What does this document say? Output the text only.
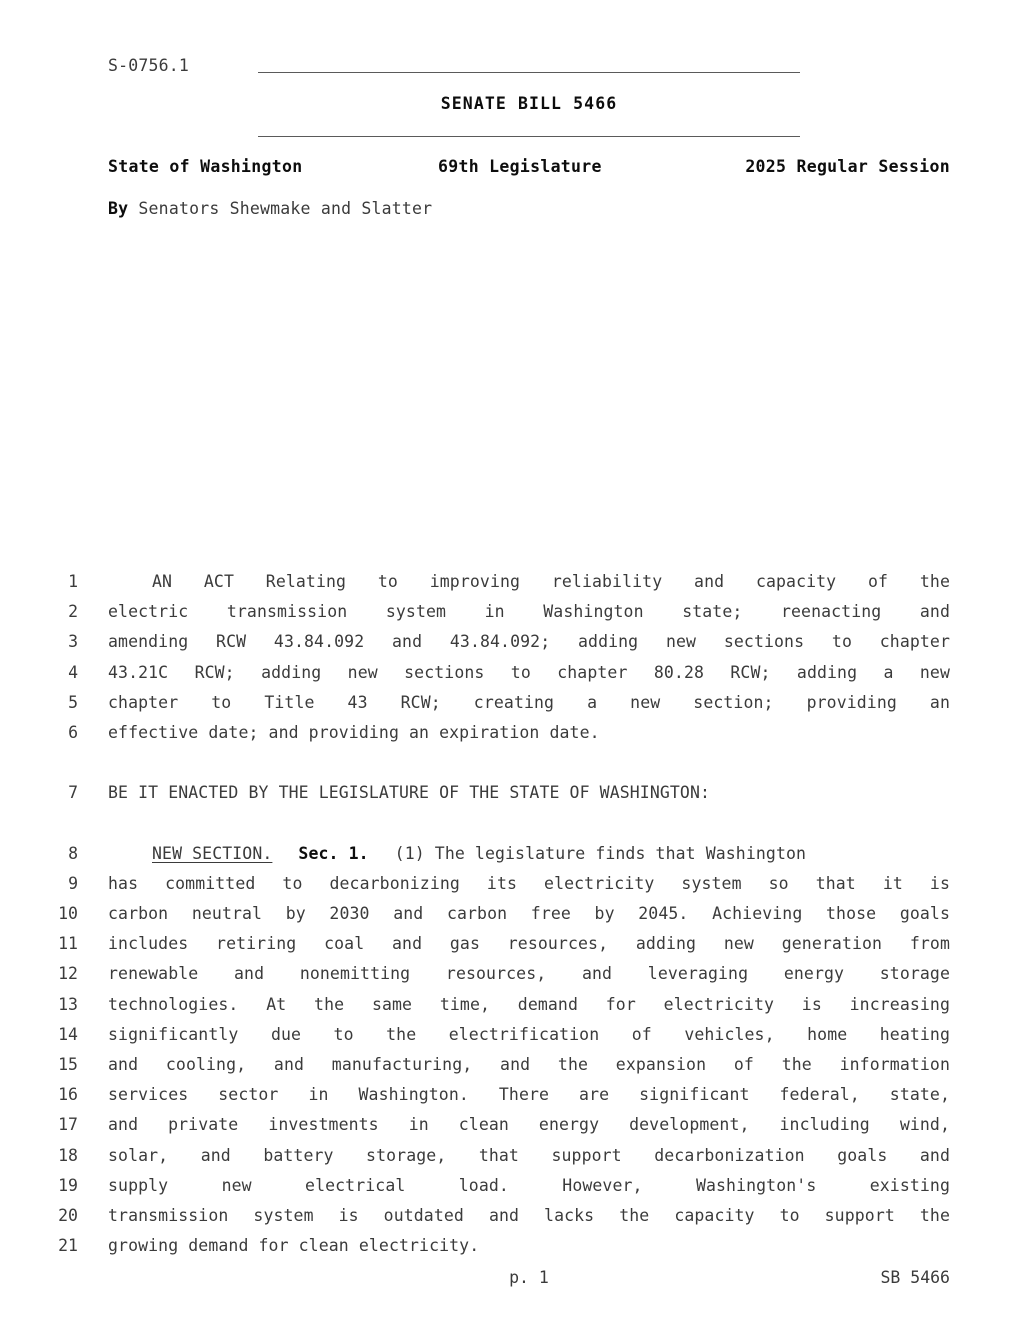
S-0756.1
SENATE BILL 5466
State of Washington	69th Legislature	2025 Regular Session
By Senators Shewmake and Slatter
1	AN ACT Relating to improving reliability and capacity of the
2 electric transmission system in Washington state; reenacting and
3 amending RCW 43.84.092 and 43.84.092; adding new sections to chapter
4 43.21C RCW; adding new sections to chapter 80.28 RCW; adding a new
5 chapter to Title 43 RCW; creating a new section; providing an
6 effective date; and providing an expiration date.
7 BE IT ENACTED BY THE LEGISLATURE OF THE STATE OF WASHINGTON:
8	NEW SECTION. Sec. 1. (1) The legislature finds that Washington
9 has committed to decarbonizing its electricity system so that it is
10 carbon neutral by 2030 and carbon free by 2045. Achieving those goals
11 includes retiring coal and gas resources, adding new generation from
12 renewable and nonemitting resources, and leveraging energy storage
13 technologies. At the same time, demand for electricity is increasing
14 significantly due to the electrification of vehicles, home heating
15 and cooling, and manufacturing, and the expansion of the information
16 services sector in Washington. There are significant federal, state,
17 and private investments in clean energy development, including wind,
18 solar, and battery storage, that support decarbonization goals and
19 supply new electrical load. However, Washington's existing
20 transmission system is outdated and lacks the capacity to support the
21 growing demand for clean electricity.
p. 1	SB 5466
